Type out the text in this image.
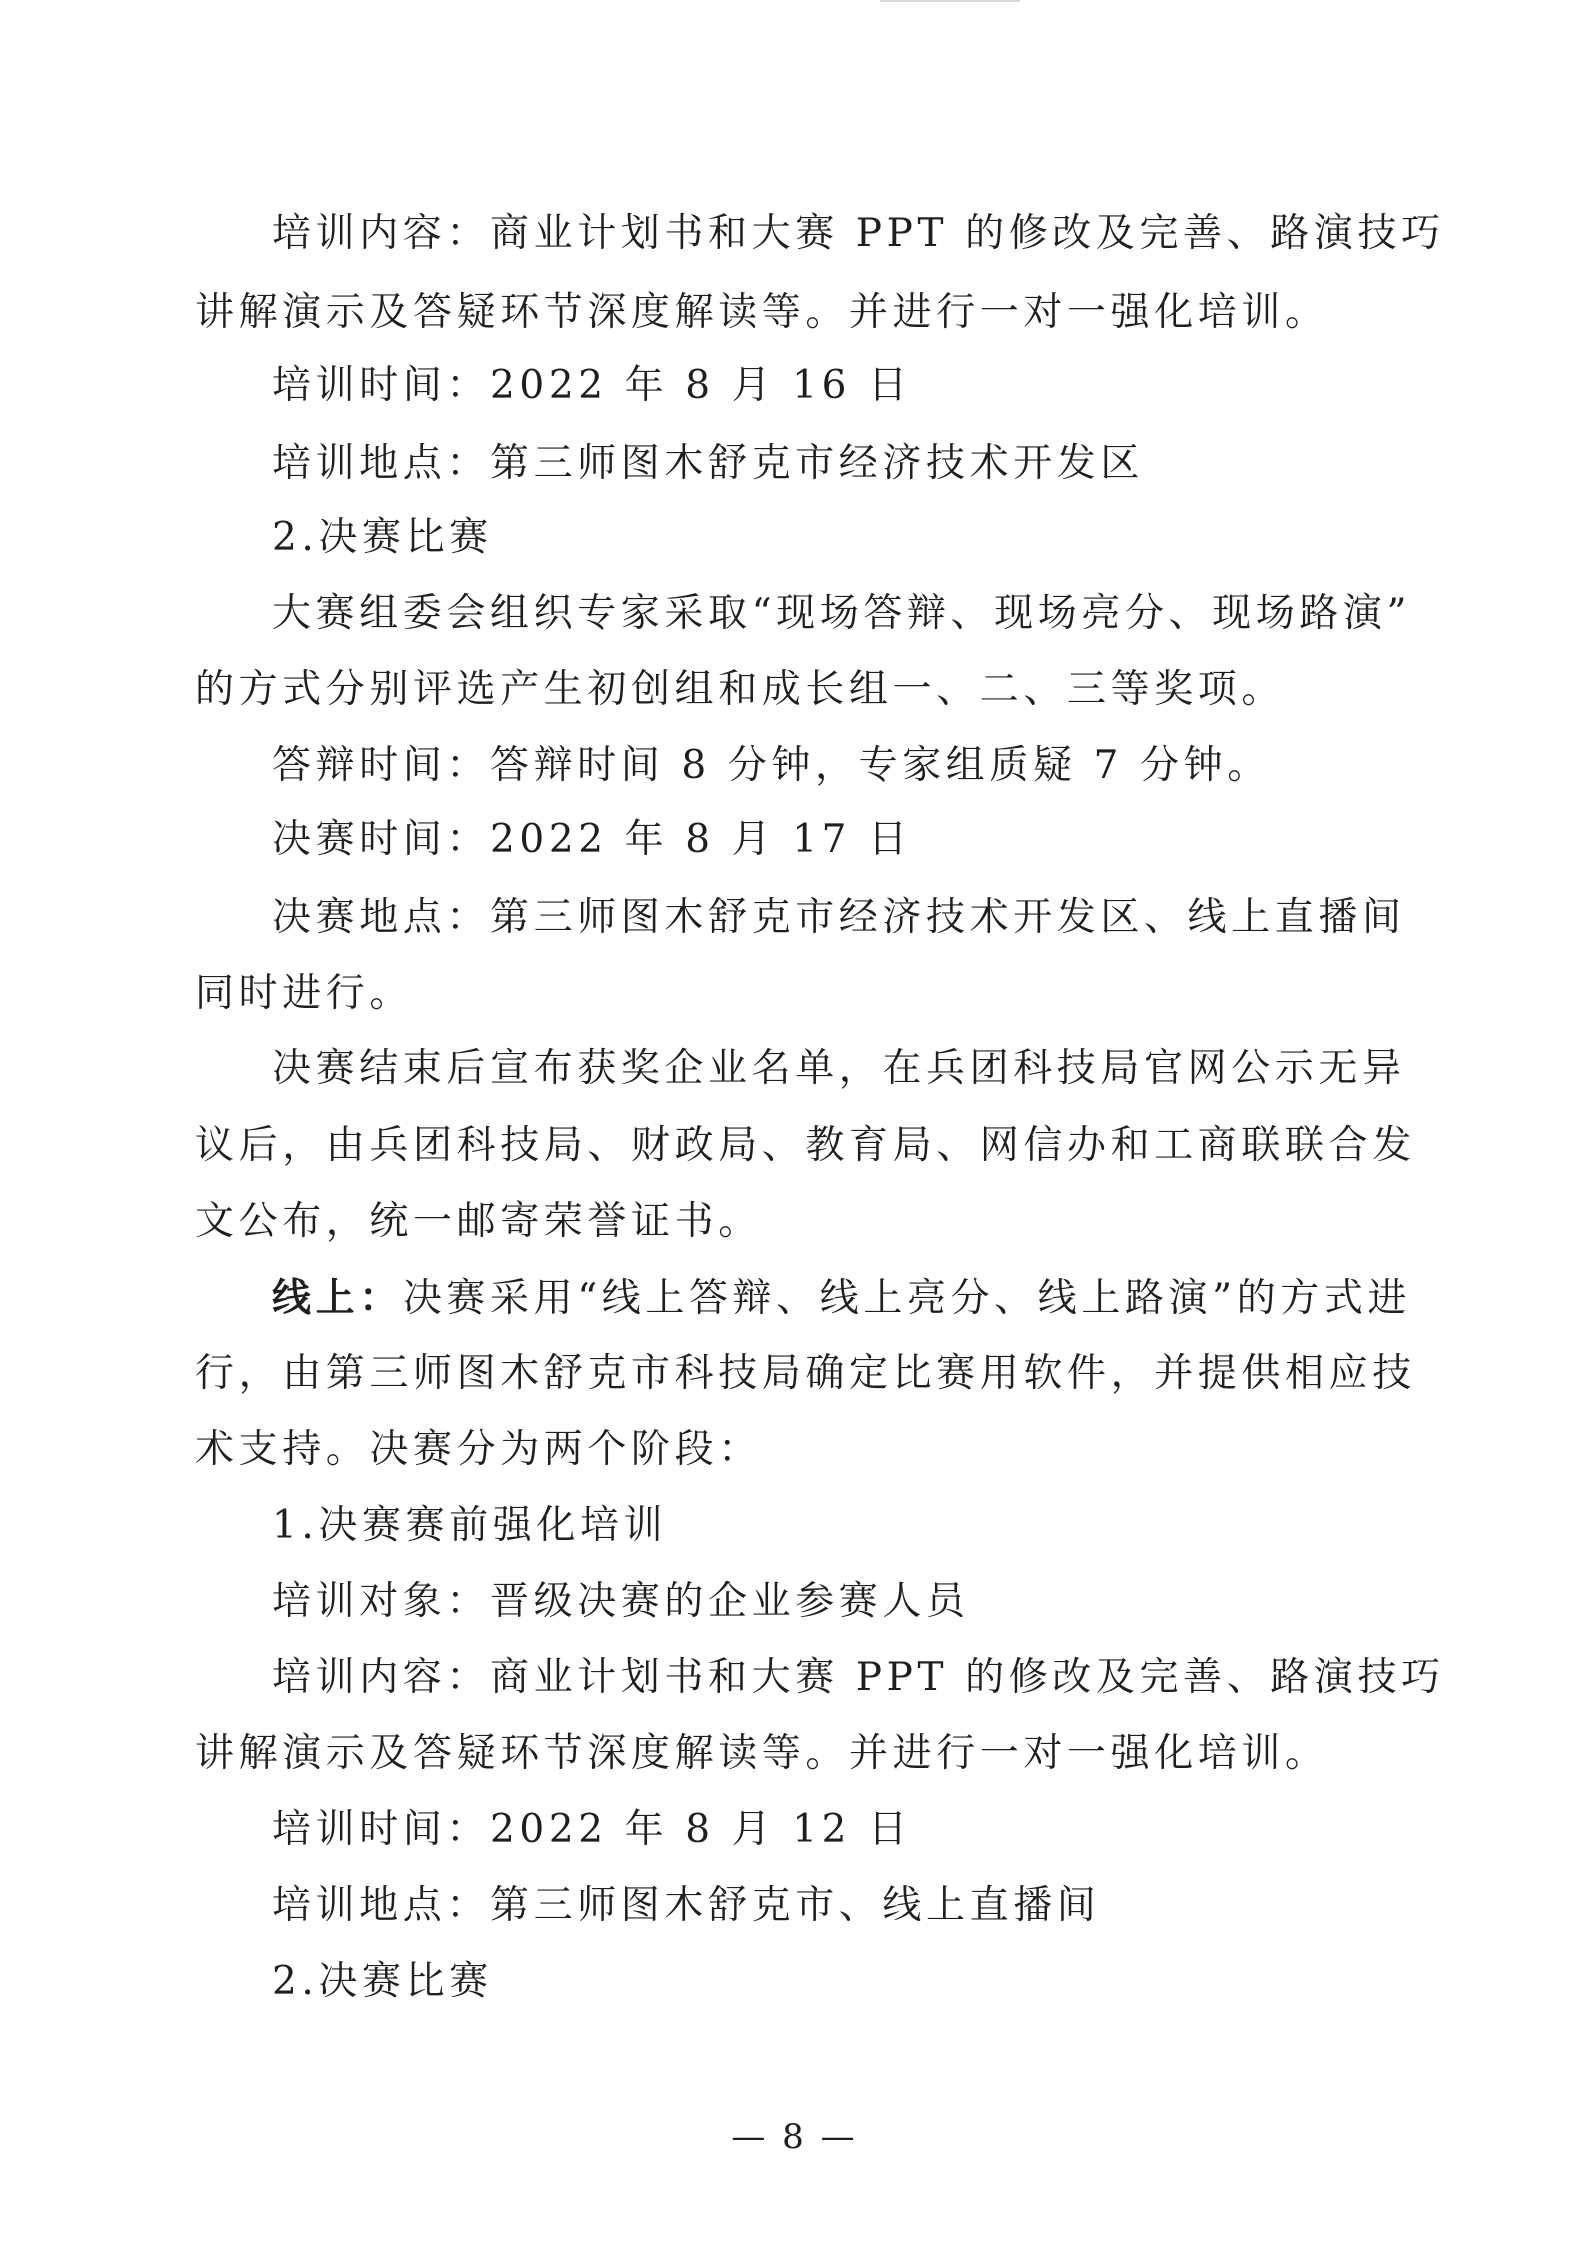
培训内容：商业计划书和大赛 PPT 的修改及完善、路演技巧
讲解演示及答疑环节深度解读等。并进行一对一强化培训。
培训时间：2022 年 8 月 16 日
培训地点：第三师图木舒克市经济技术开发区
2.决赛比赛
大赛组委会组织专家采取“现场答辩、现场亮分、现场路演”
的方式分别评选产生初创组和成长组一、二、三等奖项。
答辩时间：答辩时间 8 分钟，专家组质疑 7 分钟。
决赛时间：2022 年 8 月 17 日
决赛地点：第三师图木舒克市经济技术开发区、线上直播间
同时进行。
决赛结束后宣布获奖企业名单，在兵团科技局官网公示无异
议后，由兵团科技局、财政局、教育局、网信办和工商联联合发
文公布，统一邮寄荣誉证书。
线上：决赛采用“线上答辩、线上亮分、线上路演”的方式进
行，由第三师图木舒克市科技局确定比赛用软件，并提供相应技
术支持。决赛分为两个阶段：
1.决赛赛前强化培训
培训对象：晋级决赛的企业参赛人员
培训内容：商业计划书和大赛 PPT 的修改及完善、路演技巧
讲解演示及答疑环节深度解读等。并进行一对一强化培训。
培训时间：2022 年 8 月 12 日
培训地点：第三师图木舒克市、线上直播间
2.决赛比赛
— 8 —
